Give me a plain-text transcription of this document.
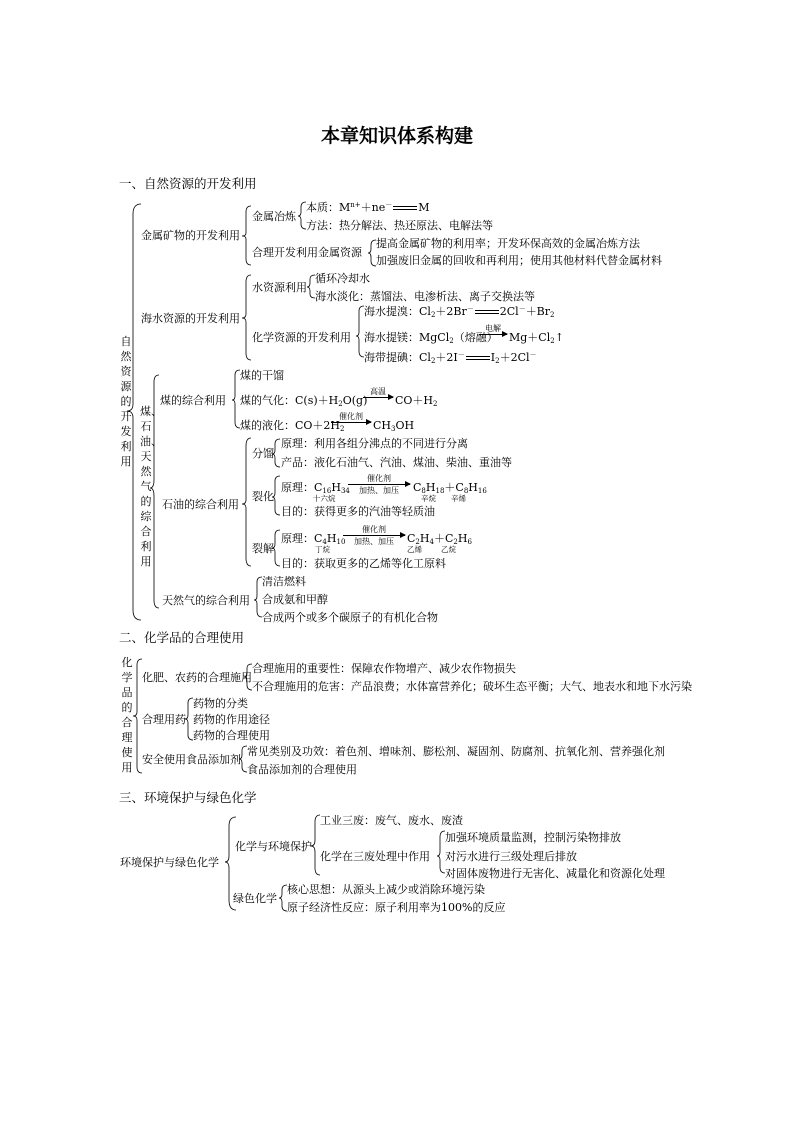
本章知识体系构建
一、自然资源的开发利用
自然资源的开发利用
金属矿物的开发利用
金属冶炼
本质：$M^{n+}+ne^-$ M
方法：热分解法、热还原法、电解法等
合理开发利用金属资源
提高金属矿物的利用率；开发环保高效的金属冶炼方法
加强废旧金属的回收和再利用；使用其他材料代替金属材料
海水资源的开发利用
水资源利用
循环冷却水
海水淡化：蒸馏法、电渗析法、离子交换法等
化学资源的开发利用
海水提溴：Cl2＋2Br－ 2Cl－＋Br2
海水提镁：MgCl2（熔融）
电解
Mg＋Cl2↑
海带提碘：Cl2＋2I－ I2＋2Cl－
煤、石油、天然气的综合利用
煤的综合利用
煤的干馏
煤的气化：C(s)＋H2O(g)
高温
CO＋H2
煤的液化：CO＋2H2
催化剂
CH3OH
石油的综合利用
分馏
原理：利用各组分沸点的不同进行分离
产品：液化石油气、汽油、煤油、柴油、重油等
裂化
原理：C16H34
十六烷
催化剂
加热、加压	C8H18＋C8H16
辛烷 辛烯
目的：获得更多的汽油等轻质油
裂解
原理：C4H10
丁烷
催化剂
加热、加压	C2H4＋C2H6
乙烯	乙烷
目的：获取更多的乙烯等化工原料
天然气的综合利用
清洁燃料
合成氨和甲醇
合成两个或多个碳原子的有机化合物
二、化学品的合理使用
化学品的合理使用
化肥、农药的合理施用
合理施用的重要性：保障农作物增产、减少农作物损失
不合理施用的危害：产品浪费；水体富营养化；破坏生态平衡；大气、地表水和地下水污染
合理用药
药物的分类
药物的作用途径
药物的合理使用
安全使用食品添加剂
常见类别及功效：着色剂、增味剂、膨松剂、凝固剂、防腐剂、抗氧化剂、营养强化剂
食品添加剂的合理使用
三、环境保护与绿色化学
环境保护与绿色化学
化学与环境保护
工业三废：废气、废水、废渣
化学在三废处理中作用
加强环境质量监测，控制污染物排放
对污水进行三级处理后排放
对固体废物进行无害化、减量化和资源化处理
绿色化学
核心思想：从源头上减少或消除环境污染
原子经济性反应：原子利用率为100%的反应
